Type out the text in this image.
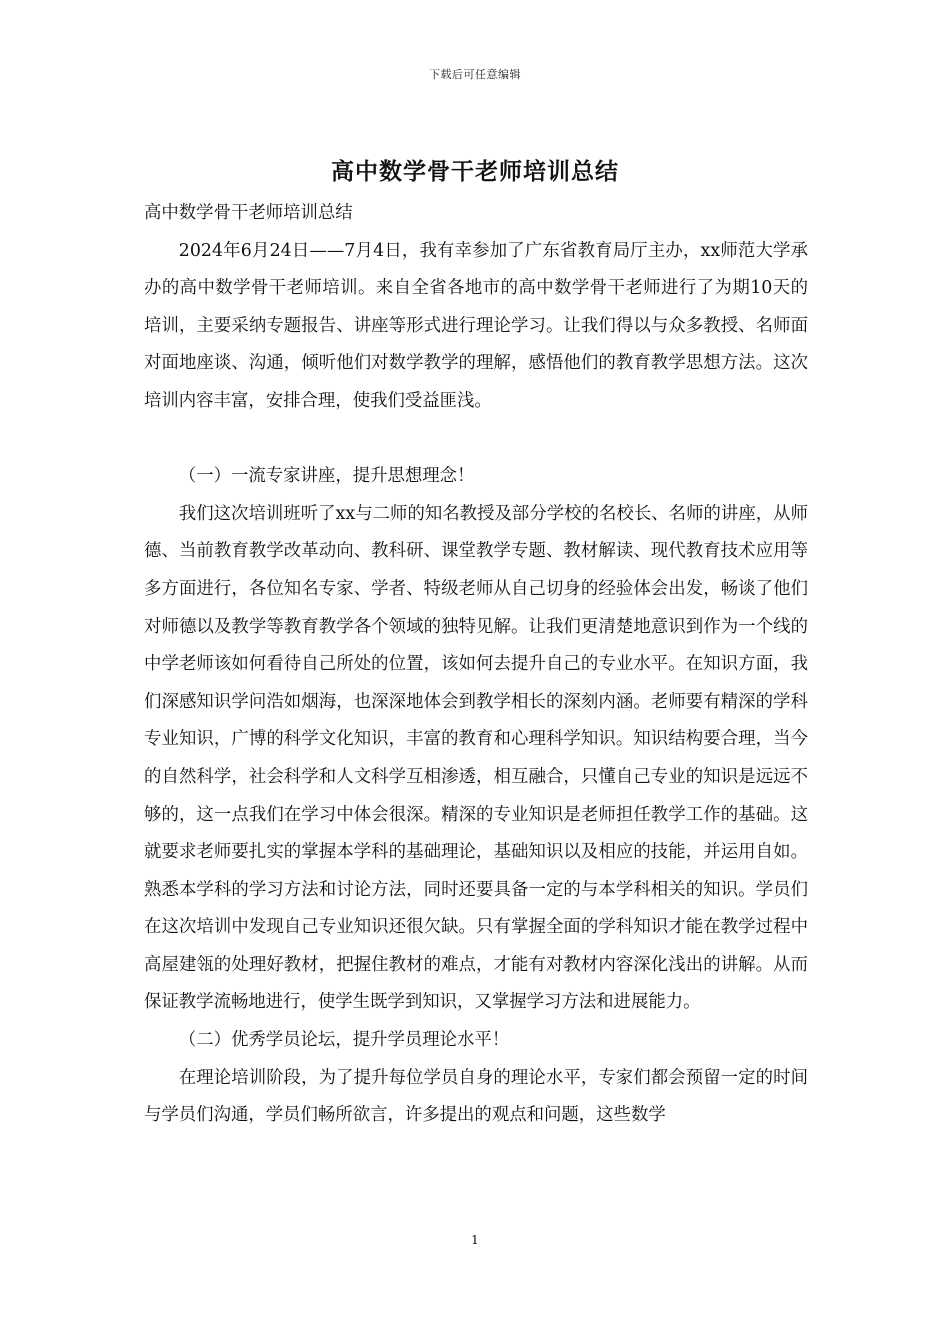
下载后可任意编辑
高中数学骨干老师培训总结

高中数学骨干老师培训总结

2024年6月24日——7月4日，我有幸参加了广东省教育局厅主办，xx师范大学承办的高中数学骨干老师培训。来自全省各地市的高中数学骨干老师进行了为期10天的培训，主要采纳专题报告、讲座等形式进行理论学习。让我们得以与众多教授、名师面对面地座谈、沟通，倾听他们对数学教学的理解，感悟他们的教育教学思想方法。这次培训内容丰富，安排合理，使我们受益匪浅。

（一）一流专家讲座，提升思想理念！

我们这次培训班听了xx与二师的知名教授及部分学校的名校长、名师的讲座，从师德、当前教育教学改革动向、教科研、课堂教学专题、教材解读、现代教育技术应用等多方面进行，各位知名专家、学者、特级老师从自己切身的经验体会出发，畅谈了他们对师德以及教学等教育教学各个领域的独特见解。让我们更清楚地意识到作为一个线的中学老师该如何看待自己所处的位置，该如何去提升自己的专业水平。在知识方面，我们深感知识学问浩如烟海，也深深地体会到教学相长的深刻内涵。老师要有精深的学科专业知识，广博的科学文化知识，丰富的教育和心理科学知识。知识结构要合理，当今的自然科学，社会科学和人文科学互相渗透，相互融合，只懂自己专业的知识是远远不够的，这一点我们在学习中体会很深。精深的专业知识是老师担任教学工作的基础。这就要求老师要扎实的掌握本学科的基础理论，基础知识以及相应的技能，并运用自如。熟悉本学科的学习方法和讨论方法，同时还要具备一定的与本学科相关的知识。学员们在这次培训中发现自己专业知识还很欠缺。只有掌握全面的学科知识才能在教学过程中高屋建瓴的处理好教材，把握住教材的难点，才能有对教材内容深化浅出的讲解。从而保证教学流畅地进行，使学生既学到知识，又掌握学习方法和进展能力。

（二）优秀学员论坛，提升学员理论水平！

在理论培训阶段，为了提升每位学员自身的理论水平，专家们都会预留一定的时间与学员们沟通，学员们畅所欲言，许多提出的观点和问题，这些数学

1
